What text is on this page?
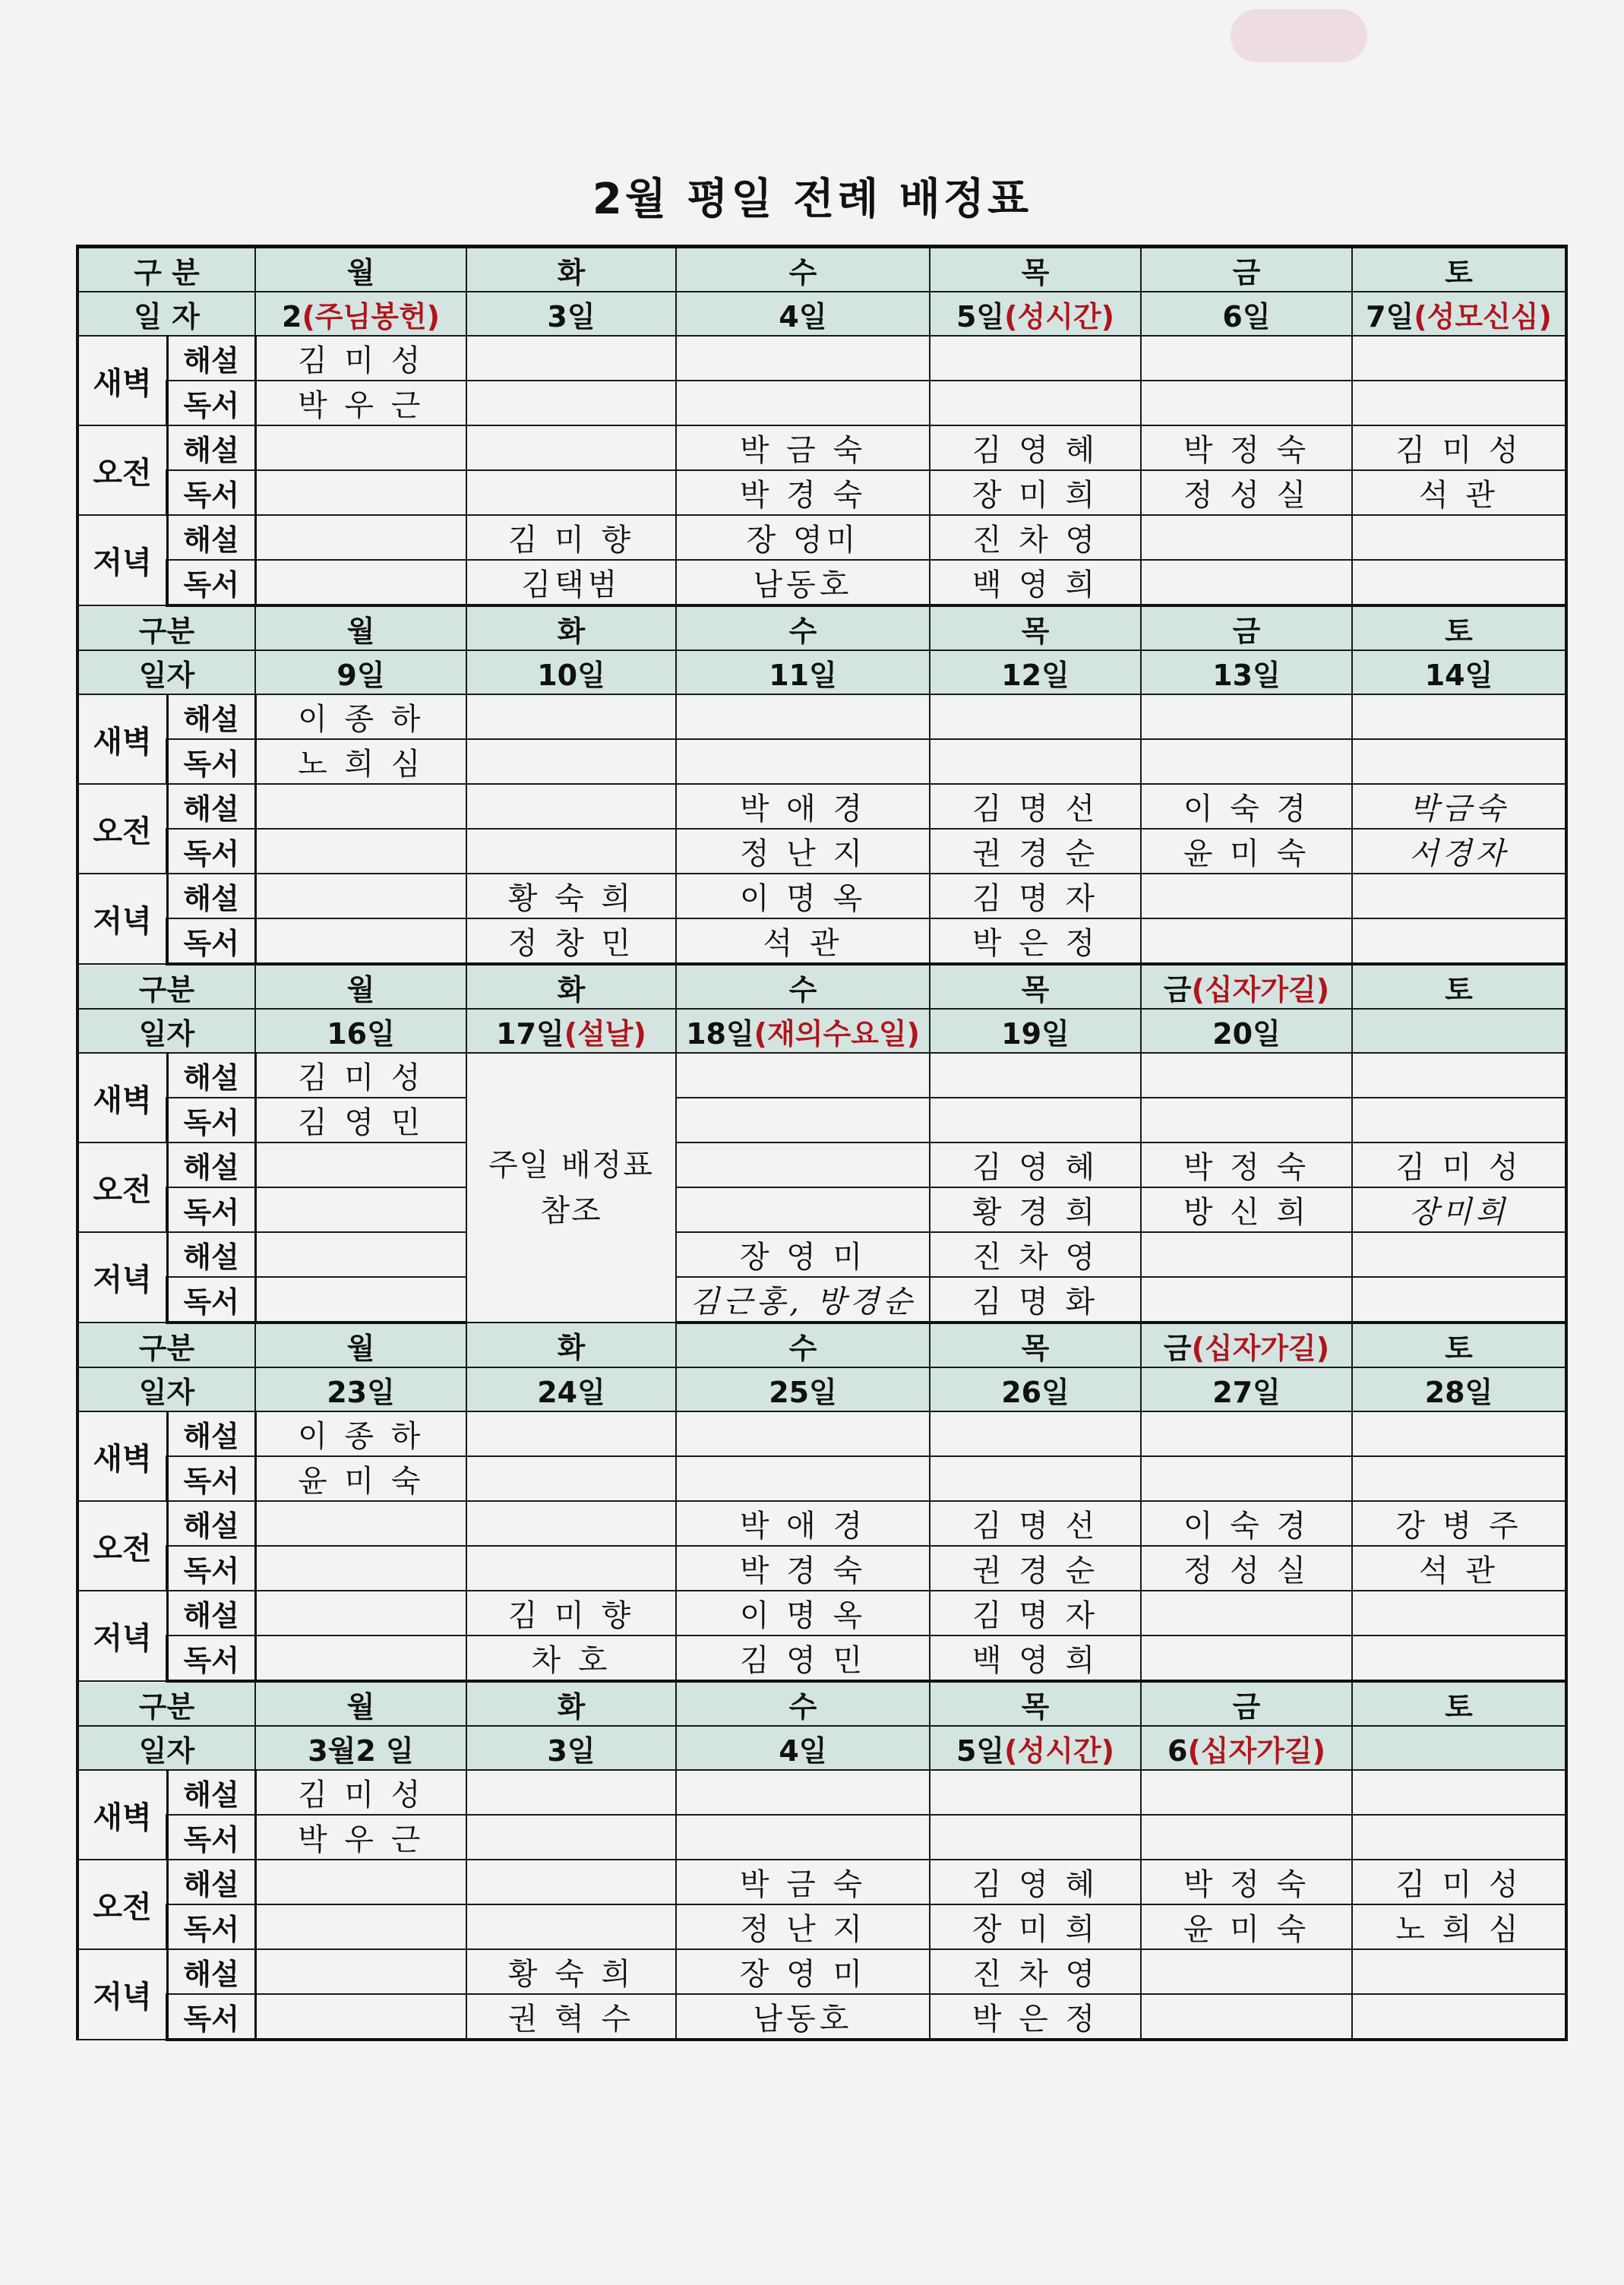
2월 평일 전례 배정표
구 분		월	화	수	목	금	토
일 자		2(주님봉헌)	3일	4일	5일(성시간)	6일	7일(성모신심)
새벽	해설	김 미 성					
	독서	박 우 근					
오전	해설			박 금 숙	김 영 혜	박 정 숙	김 미 성
	독서			박 경 숙	장 미 희	정 성 실	석 관
저녁	해설		김 미 향	장 영미	진 차 영		
	독서		김택범	남동호	백 영 희		
구분		월	화	수	목	금	토
일자		9일	10일	11일	12일	13일	14일
새벽	해설	이 종 하					
	독서	노 희 심					
오전	해설			박 애 경	김 명 선	이 숙 경	박금숙
	독서			정 난 지	권 경 순	윤 미 숙	서경자
저녁	해설		황 숙 희	이 명 옥	김 명 자		
	독서		정 창 민	석 관	박 은 정		
구분		월	화	수	목	금(십자가길)	토
일자		16일	17일(설날)	18일(재의수요일)	19일	20일	
새벽	해설	김 미 성	주일 배정표
참조				
	독서	김 영 민					
오전	해설				김 영 혜	박 정 숙	김 미 성
	독서				황 경 희	방 신 희	장미희
저녁	해설			장 영 미	진 차 영		
	독서			김근홍, 방경순	김 명 화		
구분		월	화	수	목	금(십자가길)	토
일자		23일	24일	25일	26일	27일	28일
새벽	해설	이 종 하					
	독서	윤 미 숙					
오전	해설			박 애 경	김 명 선	이 숙 경	강 병 주
	독서			박 경 숙	권 경 순	정 성 실	석 관
저녁	해설		김 미 향	이 명 옥	김 명 자		
	독서		차 호	김 영 민	백 영 희		
구분		월	화	수	목	금	토
일자		3월2 일	3일	4일	5일(성시간)	6(십자가길)	
새벽	해설	김 미 성					
	독서	박 우 근					
오전	해설			박 금 숙	김 영 혜	박 정 숙	김 미 성
	독서			정 난 지	장 미 희	윤 미 숙	노 희 심
저녁	해설		황 숙 희	장 영 미	진 차 영		
	독서		권 혁 수	남동호	박 은 정		
